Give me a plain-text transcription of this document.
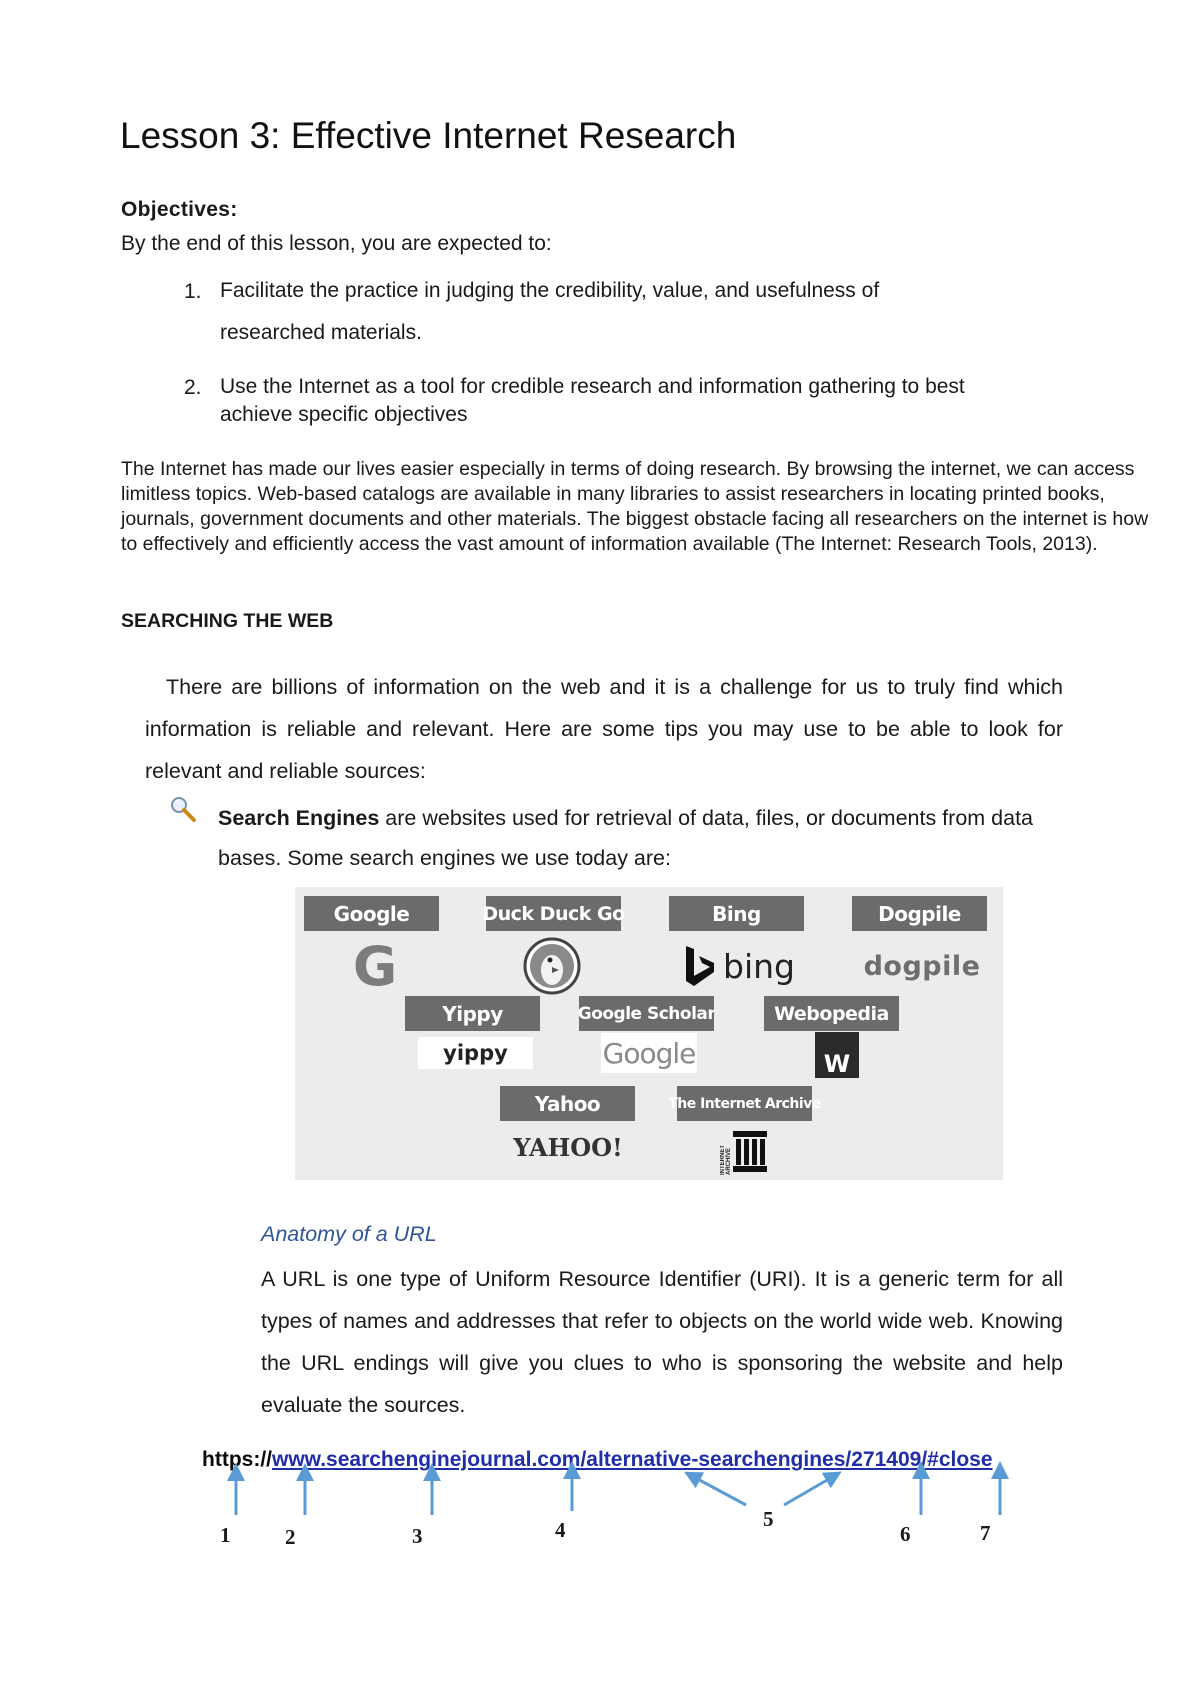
Lesson 3: Effective Internet Research
Objectives:
By the end of this lesson, you are expected to:
1. Facilitate the practice in judging the credibility, value, and usefulness of
researched materials.
2. Use the Internet as a tool for credible research and information gathering to best
achieve specific objectives

The Internet has made our lives easier especially in terms of doing research. By browsing the internet, we can access limitless topics. Web-based catalogs are available in many libraries to assist researchers in locating printed books, journals, government documents and other materials. The biggest obstacle facing all researchers on the internet is how to effectively and efficiently access the vast amount of information available (The Internet: Research Tools, 2013).

SEARCHING THE WEB

There are billions of information on the web and it is a challenge for us to truly find which information is reliable and relevant. Here are some tips you may use to be able to look for relevant and reliable sources:

Search Engines are websites used for retrieval of data, files, or documents from data bases. Some search engines we use today are:

Google	Duck Duck Go	Bing	Dogpile
G	bing	dogpile
Yippy	Google Scholar	Webopedia
yippy	Google	W
Yahoo	The Internet Archive
YAHOO!	INTERNET ARCHIVE
Anatomy of a URL

A URL is one type of Uniform Resource Identifier (URI). It is a generic term for all types of names and addresses that refer to objects on the world wide web. Knowing the URL endings will give you clues to who is sponsoring the website and help evaluate the sources.

https://www.searchenginejournal.com/alternative-searchengines/271409/#close
1	2	3	4	5
6	7
